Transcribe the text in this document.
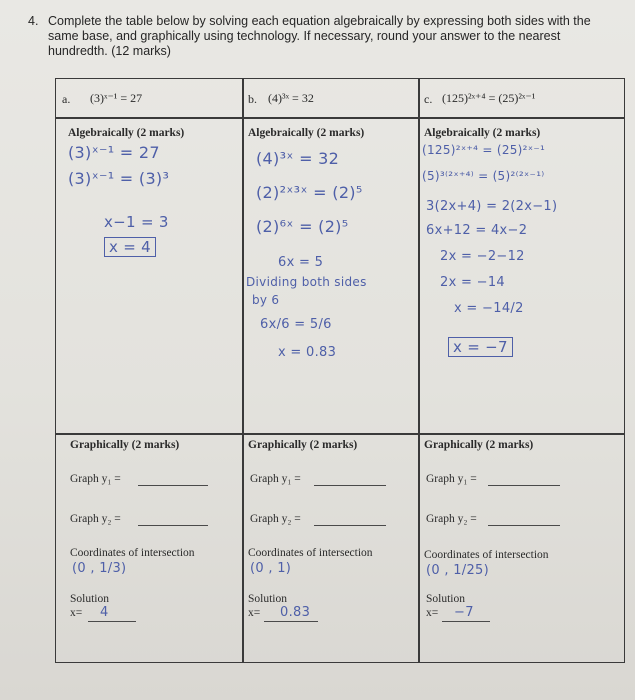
4. Complete the table below by solving each equation algebraically by expressing both sides with the
same base, and graphically using technology. If necessary, round your answer to the nearest
hundredth. (12 marks)
a. (3)ˣ⁻¹ = 27
Algebraically (2 marks)
(3)ˣ⁻¹ = 27
(3)ˣ⁻¹ = (3)³
x−1 = 3
x = 4
Graphically (2 marks)
Graph y₁ =
Graph y₂ =
Coordinates of intersection
(0 , 1/3)
Solution
x= 4
b. (4)³ˣ = 32
Algebraically (2 marks)
(4)³ˣ = 32
(2)²ˣ³ˣ = (2)⁵
(2)⁶ˣ = (2)⁵
6x = 5
Dividing both sides
by 6
6x/6 = 5/6
x = 0.83
Graphically (2 marks)
Graph y₁ =
Graph y₂ =
Coordinates of intersection
(0 , 1)
Solution
x= 0.83
c. (125)²ˣ⁺⁴ = (25)²ˣ⁻¹
Algebraically (2 marks)
(125)²ˣ⁺⁴ = (25)²ˣ⁻¹
(5)³⁽²ˣ⁺⁴⁾ = (5)²⁽²ˣ⁻¹⁾
3(2x+4) = 2(2x−1)
6x+12 = 4x−2
2x = −2−12
2x = −14
x = −14/2
x = −7
Graphically (2 marks)
Graph y₁ =
Graph y₂ =
Coordinates of intersection
(0 , 1/25)
Solution
x= −7
